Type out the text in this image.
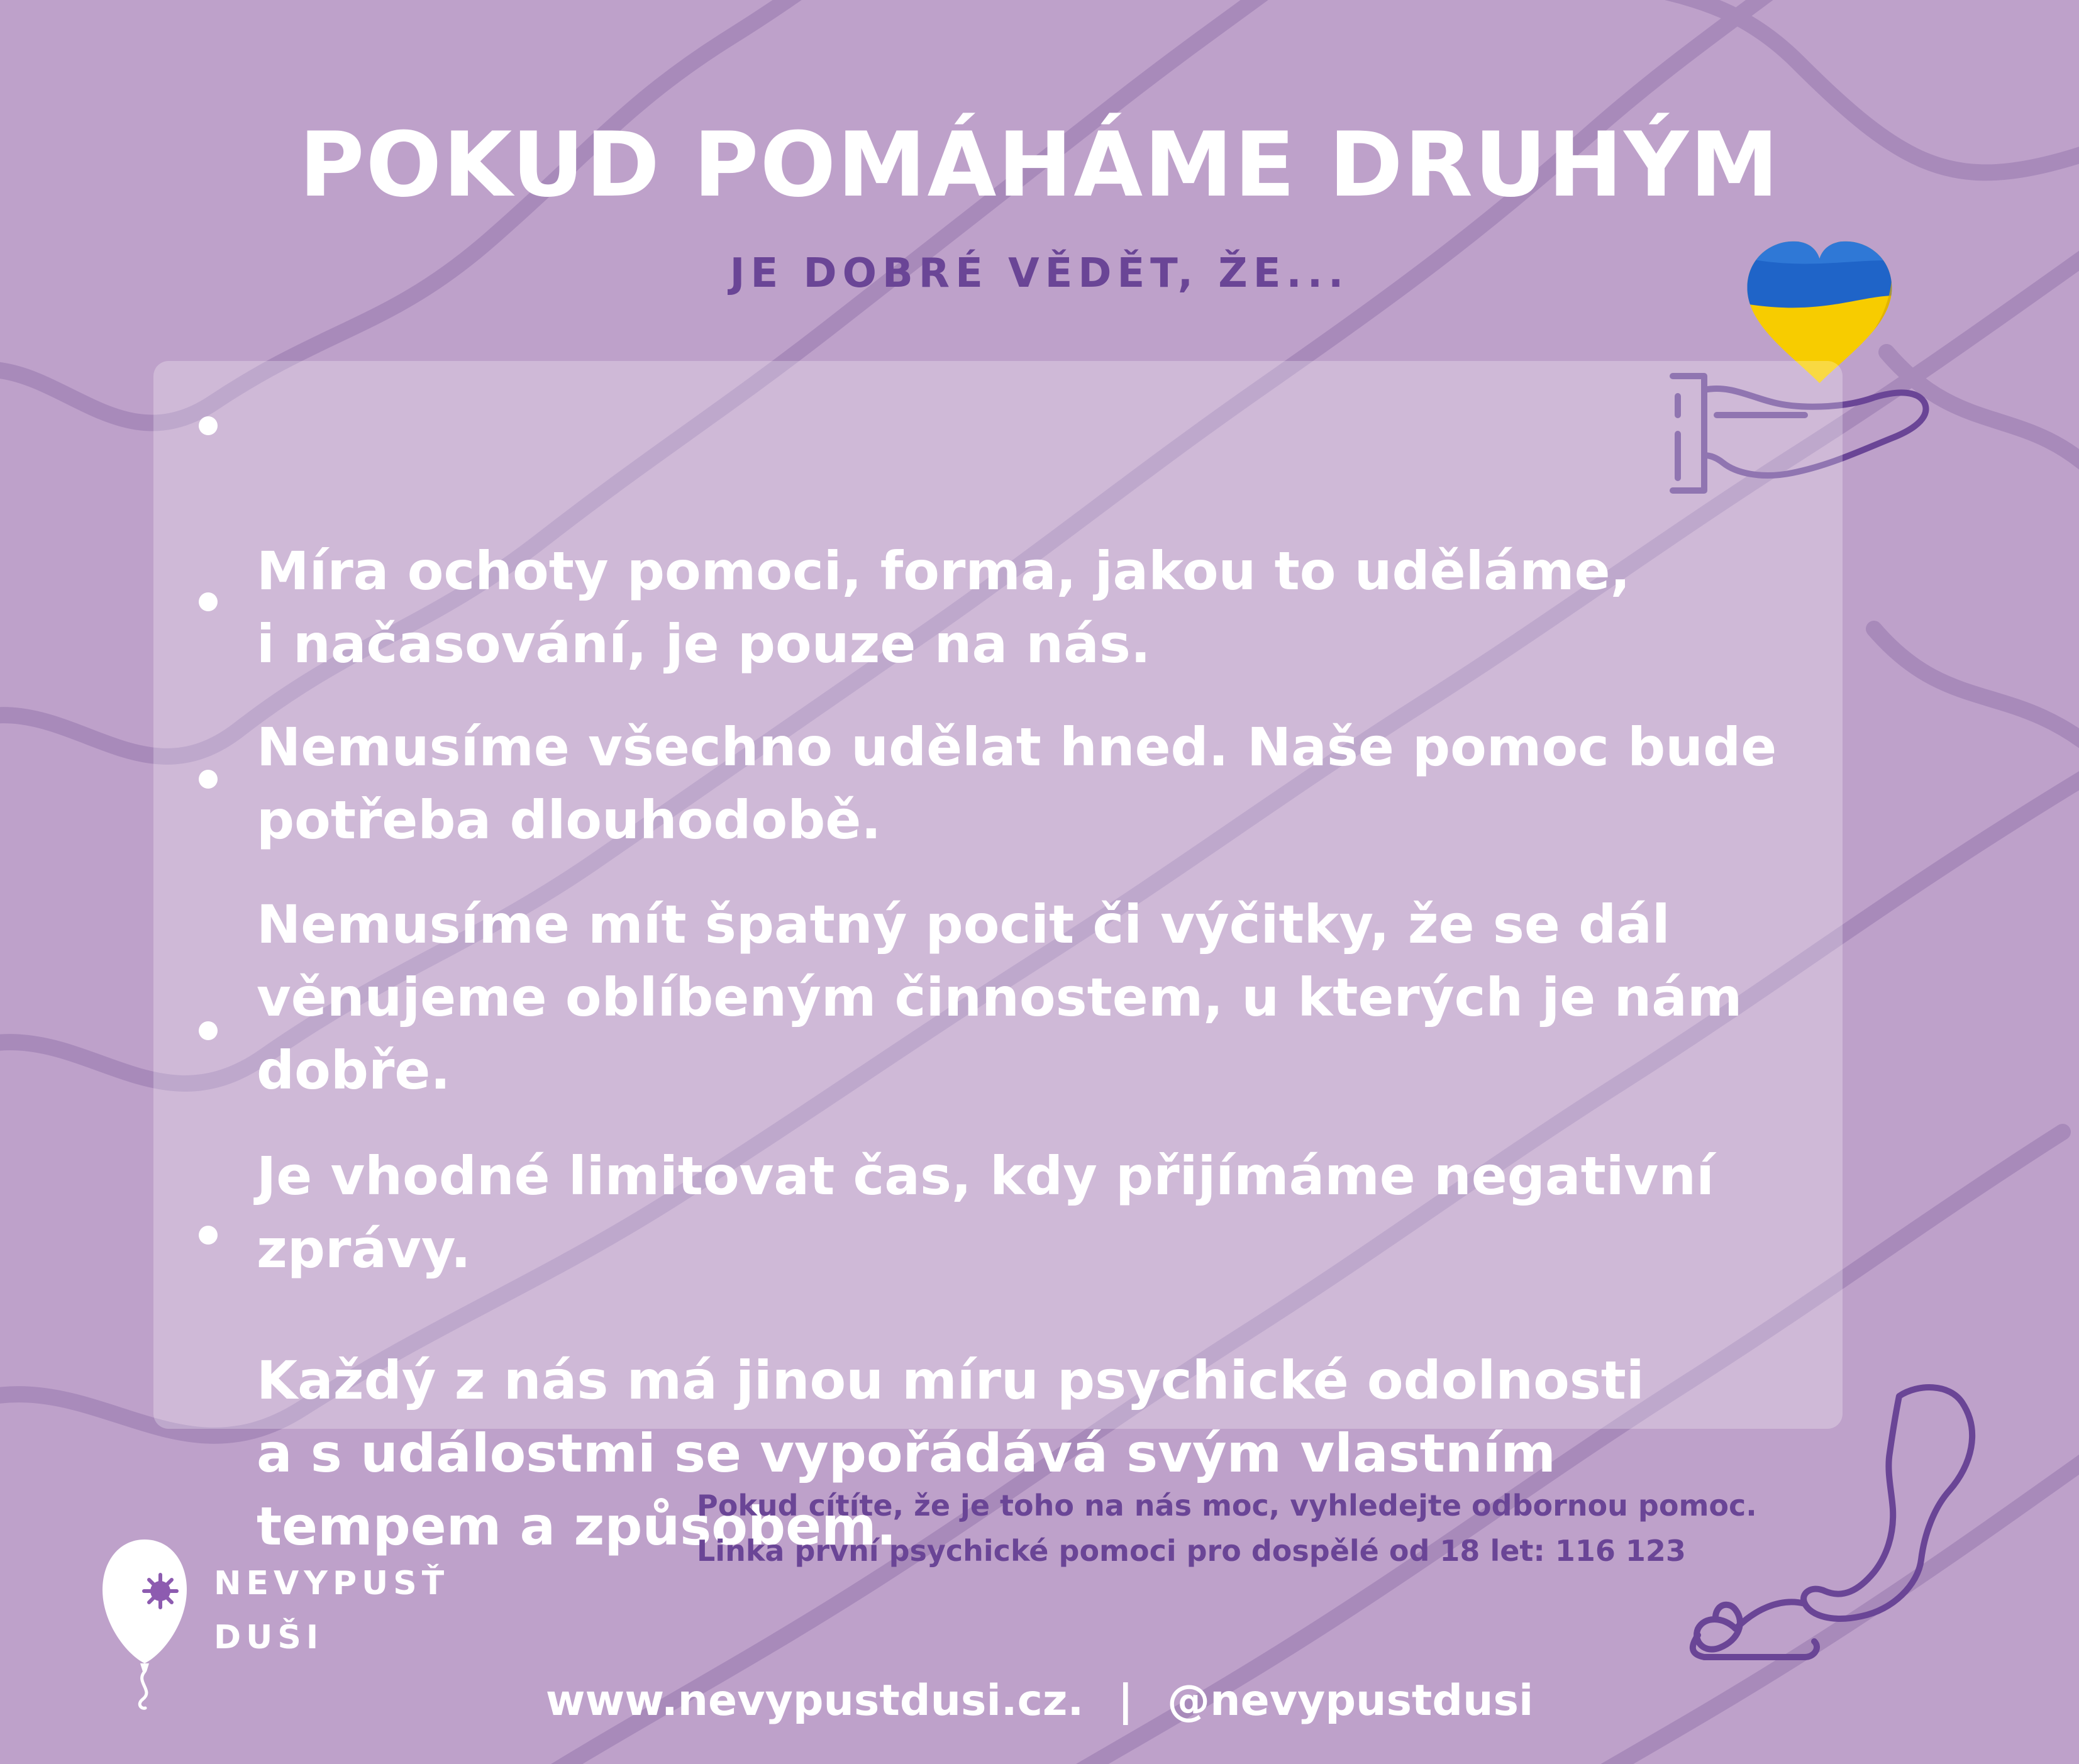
POKUD POMÁHÁME DRUHÝM
JE DOBRÉ VĚDĚT, ŽE...

Míra ochoty pomoci, forma, jakou to uděláme,
i načasování, je pouze na nás.

Nemusíme všechno udělat hned. Naše pomoc bude
potřeba dlouhodobě.

Nemusíme mít špatný pocit či výčitky, že se dál
věnujeme oblíbeným činnostem, u kterých je nám
dobře.

Je vhodné limitovat čas, kdy přijímáme negativní
zprávy.

Každý z nás má jinou míru psychické odolnosti
a s událostmi se vypořádává svým vlastním
tempem a způsobem.

Pokud cítíte, že je toho na nás moc, vyhledejte odbornou pomoc.
Linka první psychické pomoci pro dospělé od 18 let: 116 123
NEVYPUSŤ
DUŠI
www.nevypustdusi.cz. | @nevypustdusi
